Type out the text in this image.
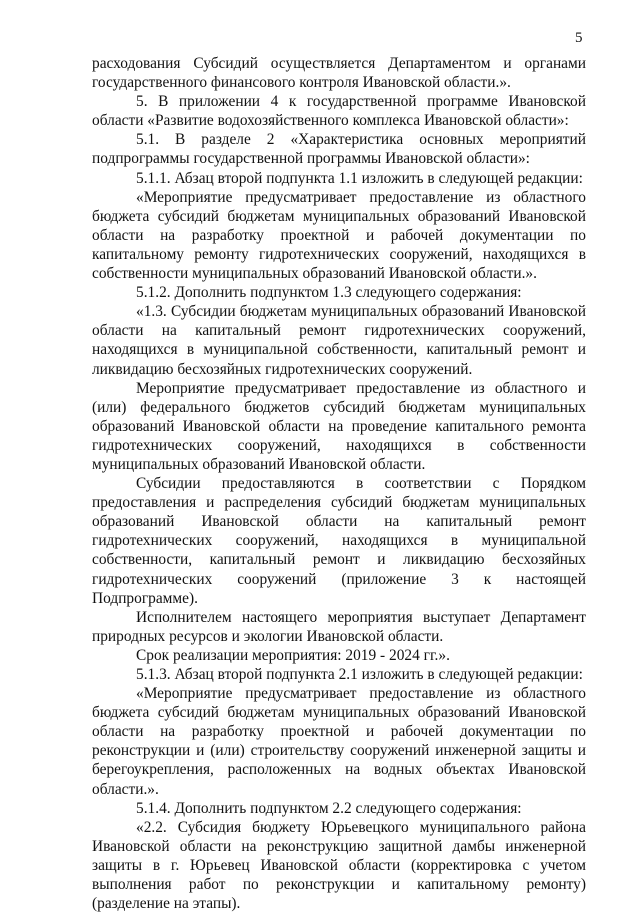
5

расходования Субсидий осуществляется Департаментом и органами государственного финансового контроля Ивановской области.».

5. В приложении 4 к государственной программе Ивановской области «Развитие водохозяйственного комплекса Ивановской области»:

5.1. В разделе 2 «Характеристика основных мероприятий подпрограммы государственной программы Ивановской области»:

5.1.1. Абзац второй подпункта 1.1 изложить в следующей редакции:

«Мероприятие предусматривает предоставление из областного бюджета субсидий бюджетам муниципальных образований Ивановской области на разработку проектной и рабочей документации по капитальному ремонту гидротехнических сооружений, находящихся в собственности муниципальных образований Ивановской области.».

5.1.2. Дополнить подпунктом 1.3 следующего содержания:

«1.3. Субсидии бюджетам муниципальных образований Ивановской области на капитальный ремонт гидротехнических сооружений, находящихся в муниципальной собственности, капитальный ремонт и ликвидацию бесхозяйных гидротехнических сооружений.

Мероприятие предусматривает предоставление из областного и (или) федерального бюджетов субсидий бюджетам муниципальных образований Ивановской области на проведение капитального ремонта гидротехнических сооружений, находящихся в собственности муниципальных образований Ивановской области.

Субсидии предоставляются в соответствии с Порядком предоставления и распределения субсидий бюджетам муниципальных образований Ивановской области на капитальный ремонт гидротехнических сооружений, находящихся в муниципальной собственности, капитальный ремонт и ликвидацию бесхозяйных гидротехнических сооружений (приложение 3 к настоящей Подпрограмме).

Исполнителем настоящего мероприятия выступает Департамент природных ресурсов и экологии Ивановской области.

Срок реализации мероприятия: 2019 - 2024 гг.».

5.1.3. Абзац второй подпункта 2.1 изложить в следующей редакции:

«Мероприятие предусматривает предоставление из областного бюджета субсидий бюджетам муниципальных образований Ивановской области на разработку проектной и рабочей документации по реконструкции и (или) строительству сооружений инженерной защиты и берегоукрепления, расположенных на водных объектах Ивановской области.».

5.1.4. Дополнить подпунктом 2.2 следующего содержания:

«2.2. Субсидия бюджету Юрьевецкого муниципального района Ивановской области на реконструкцию защитной дамбы инженерной защиты в г. Юрьевец Ивановской области (корректировка с учетом выполнения работ по реконструкции и капитальному ремонту) (разделение на этапы).
